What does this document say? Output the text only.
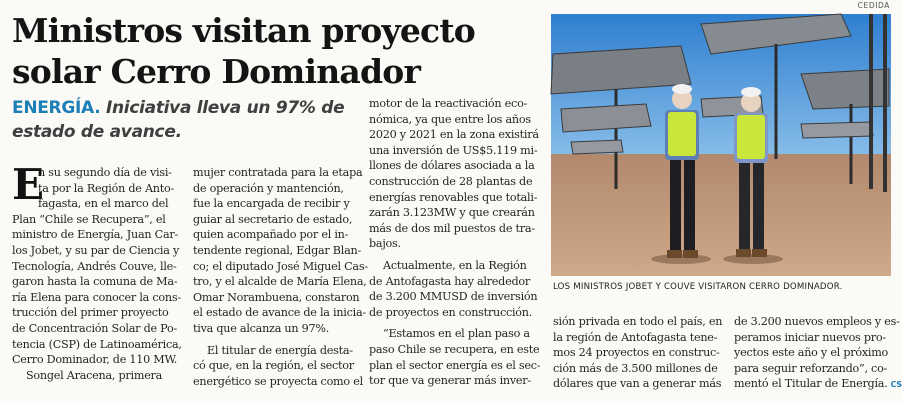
Ministros visitan proyecto
solar Cerro Dominador
ENERGÍA. Iniciativa lleva un 97% de
estado de avance.
E
n su segundo día de visi-
ta por la Región de Anto-
fagasta, en el marco del
Plan “Chile se Recupera”, el
ministro de Energía, Juan Car-
los Jobet, y su par de Ciencia y
Tecnología, Andrés Couve, lle-
garon hasta la comuna de Ma-
ría Elena para conocer la cons-
trucción del primer proyecto
de Concentración Solar de Po-
tencia (CSP) de Latinoamérica,
Cerro Dominador, de 110 MW.
Songel Aracena, primera
mujer contratada para la etapa
de operación y mantención,
fue la encargada de recibir y
guiar al secretario de estado,
quien acompañado por el in-
tendente regional, Edgar Blan-
co; el diputado José Miguel Cas-
tro, y el alcalde de María Elena,
Omar Norambuena, constaron
el estado de avance de la inicia-
tiva que alcanza un 97%.
El titular de energía desta-
có que, en la región, el sector
energético se proyecta como el
motor de la reactivación eco-
nómica, ya que entre los años
2020 y 2021 en la zona existirá
una inversión de US$5.119 mi-
llones de dólares asociada a la
construcción de 28 plantas de
energías renovables que totali-
zarán 3.123MW y que crearán
más de dos mil puestos de tra-
bajos.
Actualmente, en la Región
de Antofagasta hay alrededor
de 3.200 MMUSD de inversión
de proyectos en construcción.
“Estamos en el plan paso a
paso Chile se recupera, en este
plan el sector energía es el sec-
tor que va generar más inver-
CEDIDA
LOS MINISTROS JOBET Y COUVE VISITARON CERRO DOMINADOR.
sión privada en todo el país, en
la región de Antofagasta tene-
mos 24 proyectos en construc-
ción más de 3.500 millones de
dólares que van a generar más
de 3.200 nuevos empleos y es-
peramos iniciar nuevos pro-
yectos este año y el próximo
para seguir reforzando”, co-
mentó el Titular de Energía. CS
